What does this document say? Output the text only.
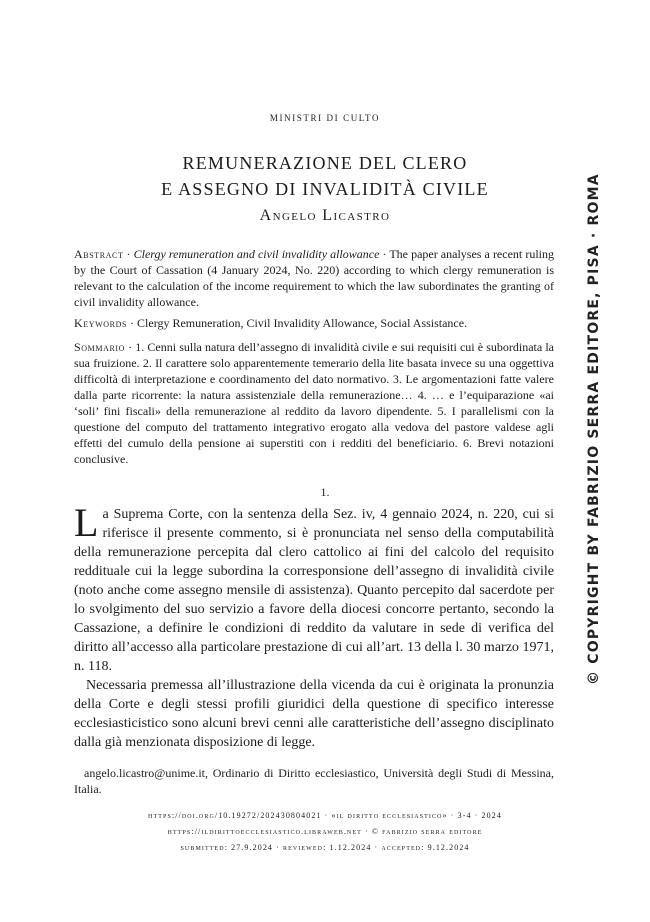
MINISTRI DI CULTO
REMUNERAZIONE DEL CLERO
E ASSEGNO DI INVALIDITÀ CIVILE
Angelo Licastro
Abstract · Clergy remuneration and civil invalidity allowance · The paper analyses a recent ruling by the Court of Cassation (4 January 2024, No. 220) according to which clergy remuneration is relevant to the calculation of the income requirement to which the law subordinates the granting of civil invalidity allowance.
Keywords · Clergy Remuneration, Civil Invalidity Allowance, Social Assistance.
Sommario · 1. Cenni sulla natura dell’assegno di invalidità civile e sui requisiti cui è subordinata la sua fruizione. 2. Il carattere solo apparentemente temerario della lite basata invece su una oggettiva difficoltà di interpretazione e coordinamento del dato normativo. 3. Le argomentazioni fatte valere dalla parte ricorrente: la natura assistenziale della remunerazione… 4. … e l’equiparazione «ai ‘soli’ fini fiscali» della remunerazione al reddito da lavoro dipendente. 5. I parallelismi con la questione del computo del trattamento integrativo erogato alla vedova del pastore valdese agli effetti del cumulo della pensione ai superstiti con i redditi del beneficiario. 6. Brevi notazioni conclusive.
1.

La Suprema Corte, con la sentenza della Sez. iv, 4 gennaio 2024, n. 220, cui si riferisce il presente commento, si è pronunciata nel senso della computabilità della remunerazione percepita dal clero cattolico ai fini del calcolo del requisito reddituale cui la legge subordina la corresponsione dell’assegno di invalidità civile (noto anche come assegno mensile di assistenza). Quanto percepito dal sacerdote per lo svolgimento del suo servizio a favore della diocesi concorre pertanto, secondo la Cassazione, a definire le condizioni di reddito da valutare in sede di verifica del diritto all’accesso alla particolare prestazione di cui all’art. 13 della l. 30 marzo 1971, n. 118.

Necessaria premessa all’illustrazione della vicenda da cui è originata la pronunzia della Corte e degli stessi profili giuridici della questione di specifico interesse ecclesiasticistico sono alcuni brevi cenni alle caratteristiche dell’assegno disciplinato dalla già menzionata disposizione di legge.

angelo.licastro@unime.it, Ordinario di Diritto ecclesiastico, Università degli Studi di Messina, Italia.
https://doi.org/10.19272/202430804021 · «il diritto ecclesiastico» · 3-4 · 2024
https://ildirittoecclesiastico.libraweb.net · © fabrizio serra editore
submitted: 27.9.2024 · reviewed: 1.12.2024 · accepted: 9.12.2024
© COPYRIGHT BY FABRIZIO SERRA EDITORE, PISA · ROMA
